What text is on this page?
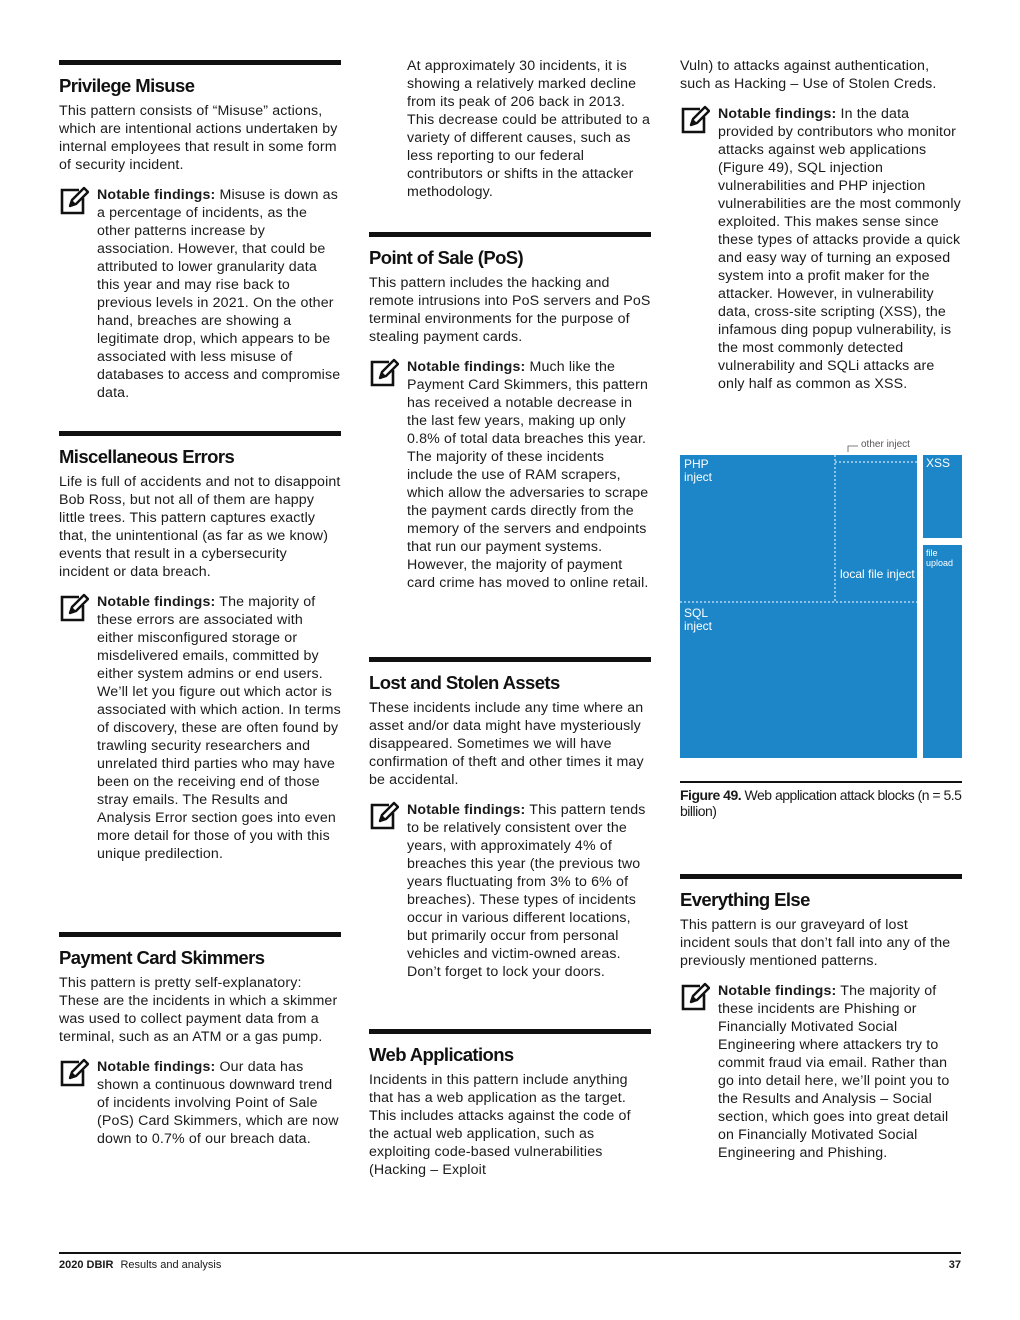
Privilege Misuse

This pattern consists of “Misuse” actions, which are intentional actions undertaken by internal employees that result in some form of security incident.

Notable findings: Misuse is down as a percentage of incidents, as the other patterns increase by association. However, that could be attributed to lower granularity data this year and may rise back to previous levels in 2021. On the other hand, breaches are showing a legitimate drop, which appears to be associated with less misuse of databases to access and compromise data.
Miscellaneous Errors

Life is full of accidents and not to disappoint Bob Ross, but not all of them are happy little trees. This pattern captures exactly that, the unintentional (as far as we know) events that result in a cybersecurity incident or data breach.

Notable findings: The majority of these errors are associated with either misconfigured storage or misdelivered emails, committed by either system admins or end users. We’ll let you figure out which actor is associated with which action. In terms of discovery, these are often found by trawling security researchers and unrelated third parties who may have been on the receiving end of those stray emails. The Results and Analysis Error section goes into even more detail for those of you with this unique predilection.
Payment Card Skimmers

This pattern is pretty self-explanatory: These are the incidents in which a skimmer was used to collect payment data from a terminal, such as an ATM or a gas pump.

Notable findings: Our data has shown a continuous downward trend of incidents involving Point of Sale (PoS) Card Skimmers, which are now down to 0.7% of our breach data.

At approximately 30 incidents, it is showing a relatively marked decline from its peak of 206 back in 2013. This decrease could be attributed to a variety of different causes, such as less reporting to our federal contributors or shifts in the attacker methodology.

Point of Sale (PoS)

This pattern includes the hacking and remote intrusions into PoS servers and PoS terminal environments for the purpose of stealing payment cards.

Notable findings: Much like the Payment Card Skimmers, this pattern has received a notable decrease in the last few years, making up only 0.8% of total data breaches this year. The majority of these incidents include the use of RAM scrapers, which allow the adversaries to scrape the payment cards directly from the memory of the servers and endpoints that run our payment systems. However, the majority of payment card crime has moved to online retail.
Lost and Stolen Assets

These incidents include any time where an asset and/or data might have mysteriously disappeared. Sometimes we will have confirmation of theft and other times it may be accidental.

Notable findings: This pattern tends to be relatively consistent over the years, with approximately 4% of breaches this year (the previous two years fluctuating from 3% to 6% of breaches). These types of incidents occur in various different locations, but primarily occur from personal vehicles and victim-owned areas. Don’t forget to lock your doors.
Web Applications

Incidents in this pattern include anything that has a web application as the target. This includes attacks against the code of the actual web application, such as exploiting code-based vulnerabilities (Hacking – Exploit

Vuln) to attacks against authentication, such as Hacking – Use of Stolen Creds.

Notable findings: In the data provided by contributors who monitor attacks against web applications (Figure 49), SQL injection vulnerabilities and PHP injection vulnerabilities are the most commonly exploited. This makes sense since these types of attacks provide a quick and easy way of turning an exposed system into a profit maker for the attacker. However, in vulnerability data, cross-site scripting (XSS), the infamous ding popup vulnerability, is the most commonly detected vulnerability and SQLi attacks are only half as common as XSS.
other inject
PHP inject
SQL inject
local file inject
XSS
file upload
Figure 49. Web application attack blocks (n = 5.5 billion)
Everything Else

This pattern is our graveyard of lost incident souls that don’t fall into any of the previously mentioned patterns.

Notable findings: The majority of these incidents are Phishing or Financially Motivated Social Engineering where attackers try to commit fraud via email. Rather than go into detail here, we’ll point you to the Results and Analysis – Social section, which goes into great detail on Financially Motivated Social Engineering and Phishing.
2020 DBIR Results and analysis	37
